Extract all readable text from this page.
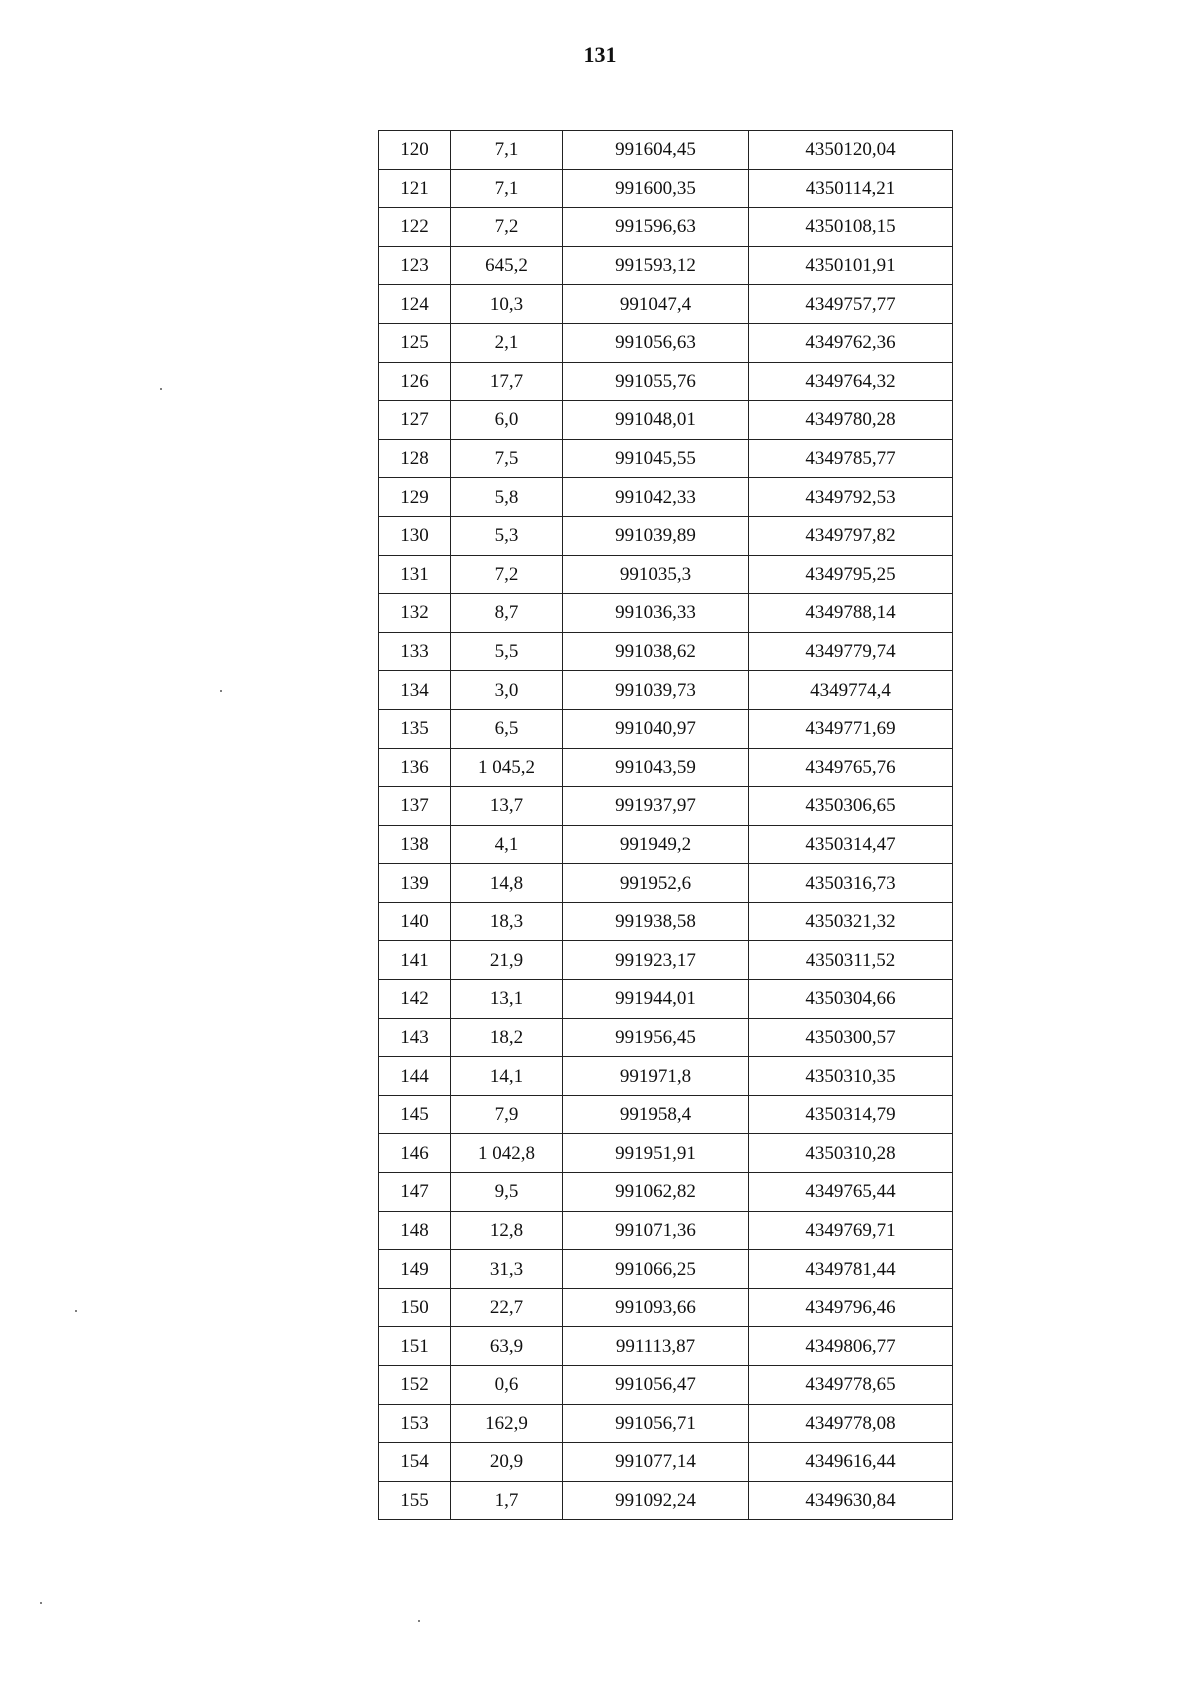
131
120	7,1	991604,45	4350120,04
121	7,1	991600,35	4350114,21
122	7,2	991596,63	4350108,15
123	645,2	991593,12	4350101,91
124	10,3	991047,4	4349757,77
125	2,1	991056,63	4349762,36
126	17,7	991055,76	4349764,32
127	6,0	991048,01	4349780,28
128	7,5	991045,55	4349785,77
129	5,8	991042,33	4349792,53
130	5,3	991039,89	4349797,82
131	7,2	991035,3	4349795,25
132	8,7	991036,33	4349788,14
133	5,5	991038,62	4349779,74
134	3,0	991039,73	4349774,4
135	6,5	991040,97	4349771,69
136	1 045,2	991043,59	4349765,76
137	13,7	991937,97	4350306,65
138	4,1	991949,2	4350314,47
139	14,8	991952,6	4350316,73
140	18,3	991938,58	4350321,32
141	21,9	991923,17	4350311,52
142	13,1	991944,01	4350304,66
143	18,2	991956,45	4350300,57
144	14,1	991971,8	4350310,35
145	7,9	991958,4	4350314,79
146	1 042,8	991951,91	4350310,28
147	9,5	991062,82	4349765,44
148	12,8	991071,36	4349769,71
149	31,3	991066,25	4349781,44
150	22,7	991093,66	4349796,46
151	63,9	991113,87	4349806,77
152	0,6	991056,47	4349778,65
153	162,9	991056,71	4349778,08
154	20,9	991077,14	4349616,44
155	1,7	991092,24	4349630,84
